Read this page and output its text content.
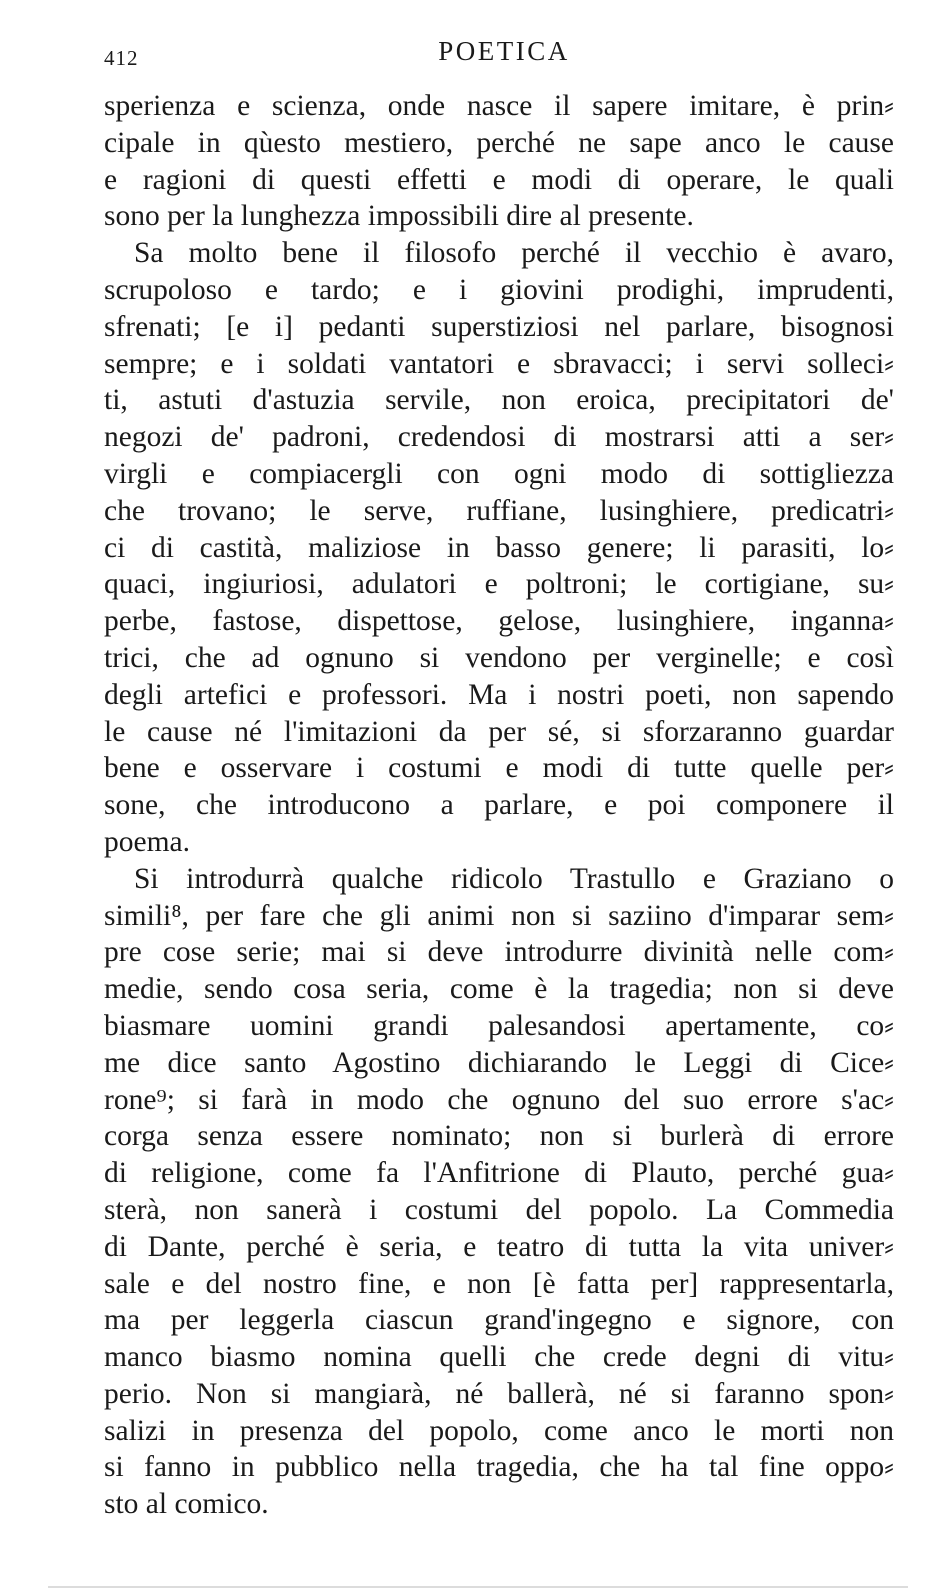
412	POETICA
sperienza e scienza, onde nasce il sapere imitare, è prin⸗
cipale in qùesto mestiero, perché ne sape anco le cause
e ragioni di questi effetti e modi di operare, le quali
sono per la lunghezza impossibili dire al presente.
Sa molto bene il filosofo perché il vecchio è avaro,
scrupoloso e tardo; e i giovini prodighi, imprudenti,
sfrenati; [e i] pedanti superstiziosi nel parlare, bisognosi
sempre; e i soldati vantatori e sbravacci; i servi solleci⸗
ti, astuti d'astuzia servile, non eroica, precipitatori de'
negozi de' padroni, credendosi di mostrarsi atti a ser⸗
virgli e compiacergli con ogni modo di sottigliezza
che trovano; le serve, ruffiane, lusinghiere, predicatri⸗
ci di castità, maliziose in basso genere; li parasiti, lo⸗
quaci, ingiuriosi, adulatori e poltroni; le cortigiane, su⸗
perbe, fastose, dispettose, gelose, lusinghiere, inganna⸗
trici, che ad ognuno si vendono per verginelle; e così
degli artefici e professori. Ma i nostri poeti, non sapendo
le cause né l'imitazioni da per sé, si sforzaranno guardar
bene e osservare i costumi e modi di tutte quelle per⸗
sone, che introducono a parlare, e poi componere il
poema.
Si introdurrà qualche ridicolo Trastullo e Graziano o
simili⁸, per fare che gli animi non si saziino d'imparar sem⸗
pre cose serie; mai si deve introdurre divinità nelle com⸗
medie, sendo cosa seria, come è la tragedia; non si deve
biasmare uomini grandi palesandosi apertamente, co⸗
me dice santo Agostino dichiarando le Leggi di Cice⸗
rone⁹; si farà in modo che ognuno del suo errore s'ac⸗
corga senza essere nominato; non si burlerà di errore
di religione, come fa l'Anfitrione di Plauto, perché gua⸗
sterà, non sanerà i costumi del popolo. La Commedia
di Dante, perché è seria, e teatro di tutta la vita univer⸗
sale e del nostro fine, e non [è fatta per] rappresentarla,
ma per leggerla ciascun grand'ingegno e signore, con
manco biasmo nomina quelli che crede degni di vitu⸗
perio. Non si mangiarà, né ballerà, né si faranno spon⸗
salizi in presenza del popolo, come anco le morti non
si fanno in pubblico nella tragedia, che ha tal fine oppo⸗
sto al comico.
